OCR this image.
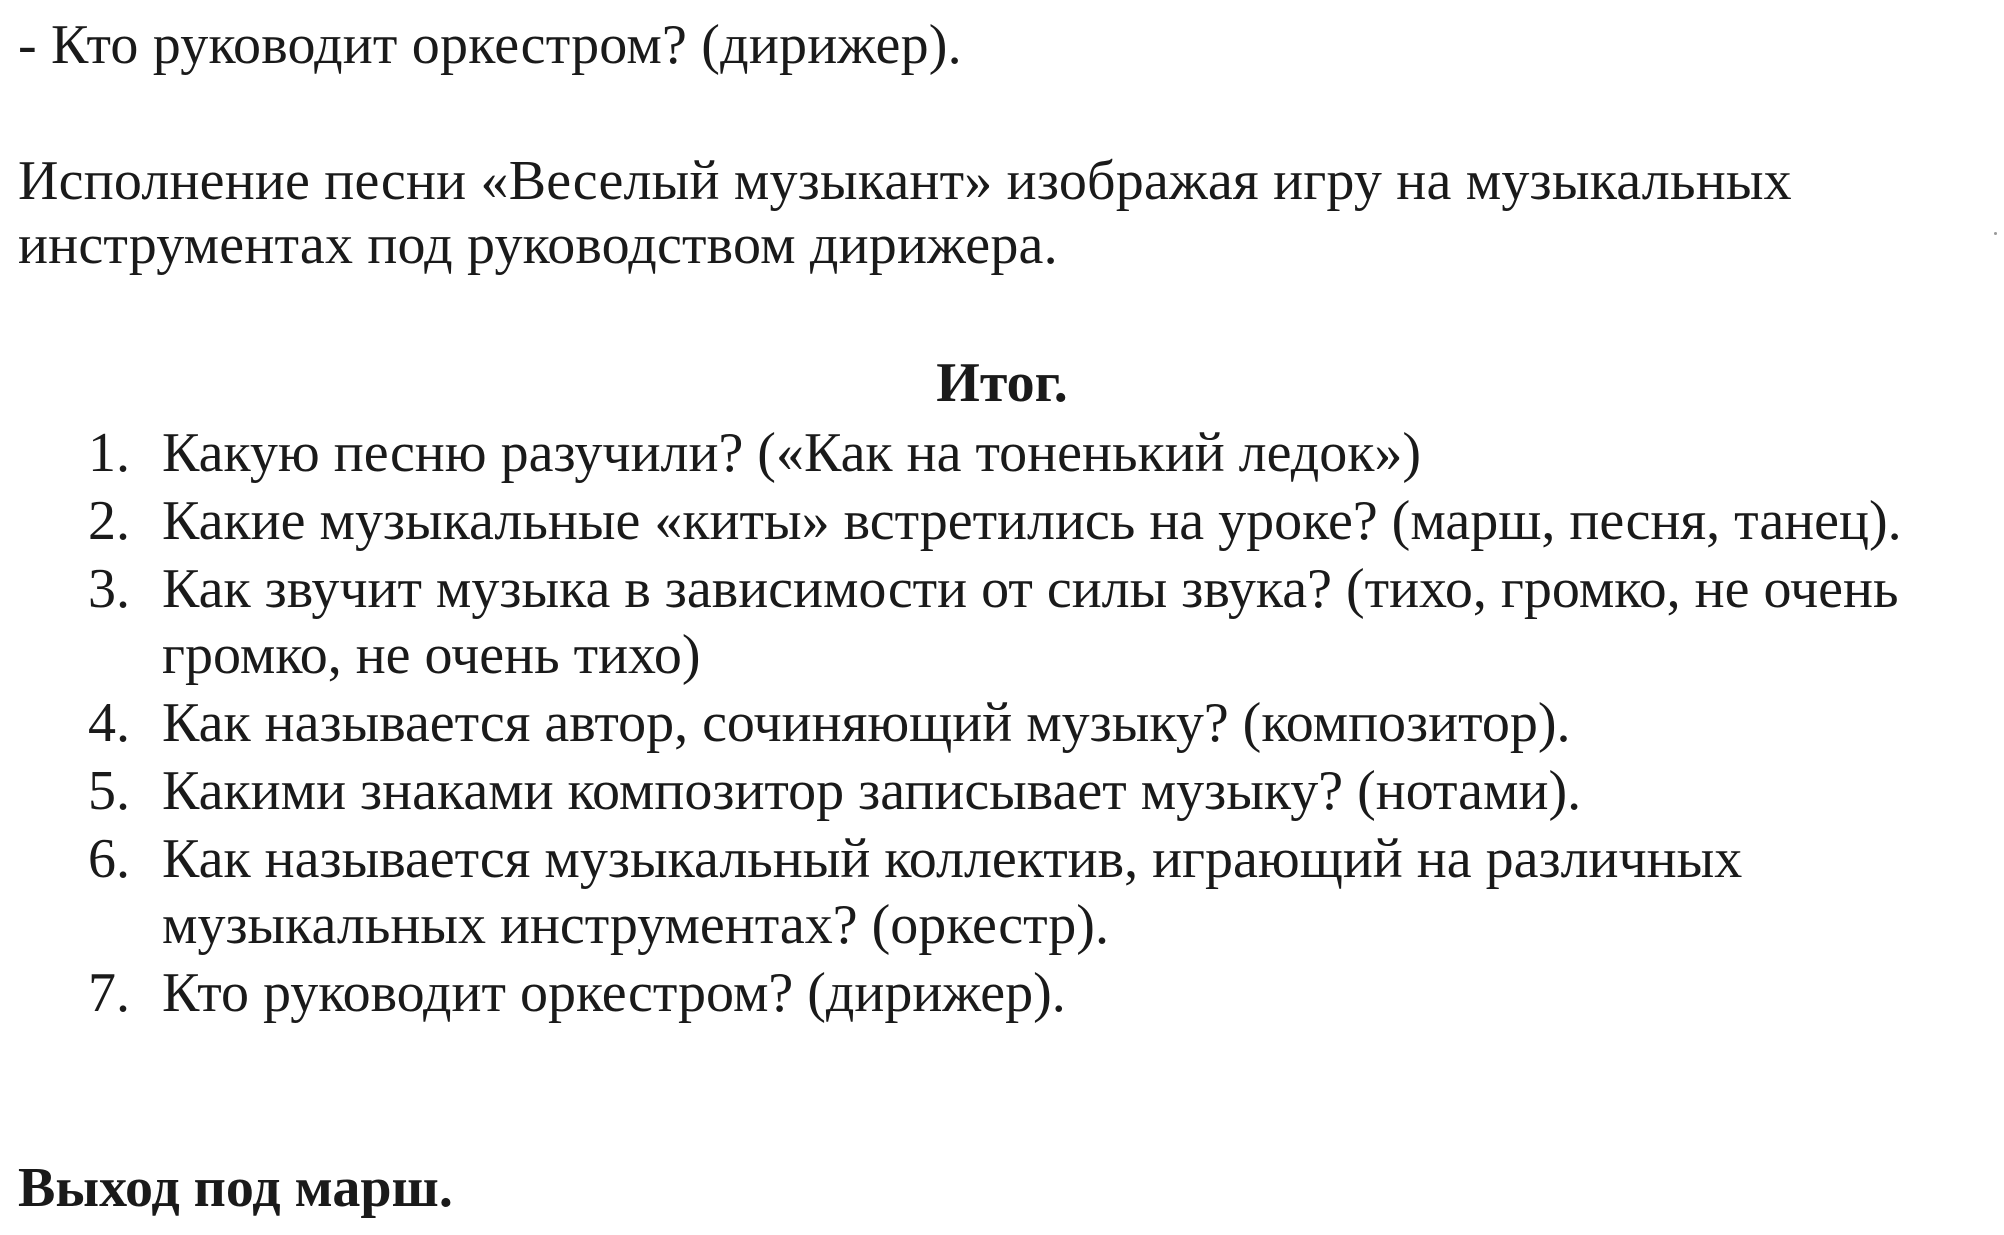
- Кто руководит оркестром? (дирижер).
Исполнение песни «Веселый музыкант» изображая игру на музыкальных
инструментах под руководством дирижера.
Итог.
1. Какую песню разучили? («Как на тоненький ледок»)
2. Какие музыкальные «киты» встретились на уроке? (марш, песня, танец).
3. Как звучит музыка в зависимости от силы звука? (тихо, громко, не очень
громко, не очень тихо)
4. Как называется автор, сочиняющий музыку? (композитор).
5. Какими знаками композитор записывает музыку? (нотами).
6. Как называется музыкальный коллектив, играющий на различных
музыкальных инструментах? (оркестр).
7. Кто руководит оркестром? (дирижер).
Выход под марш.
